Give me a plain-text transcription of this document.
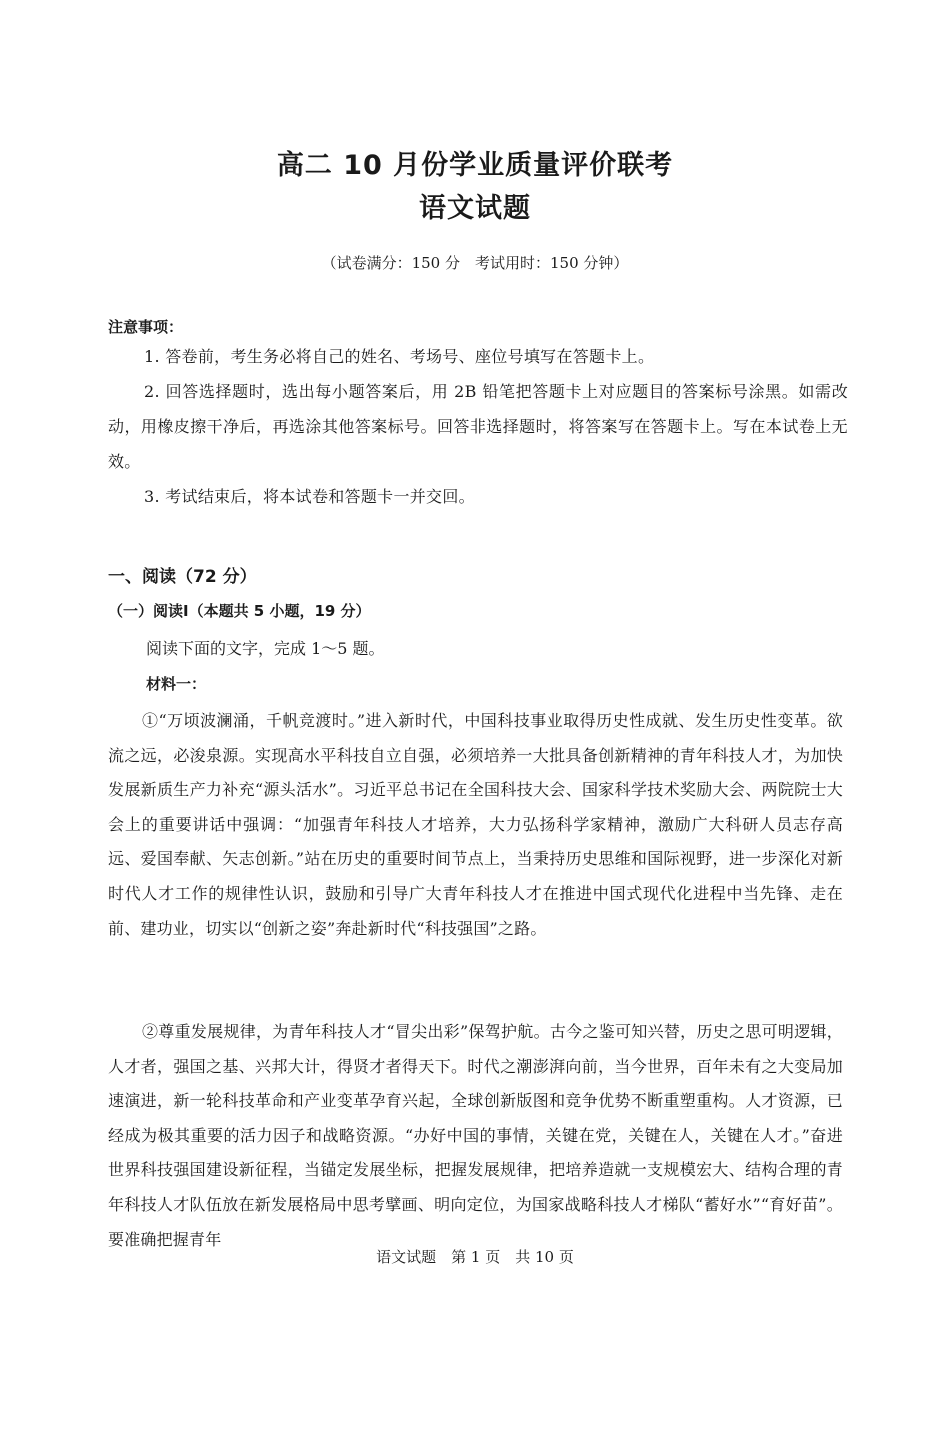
高二 10 月份学业质量评价联考
语文试题
（试卷满分：150 分　考试用时：150 分钟）
注意事项：
1. 答卷前，考生务必将自己的姓名、考场号、座位号填写在答题卡上。
2. 回答选择题时，选出每小题答案后，用 2B 铅笔把答题卡上对应题目的答案标号涂黑。如需改动，用橡皮擦干净后，再选涂其他答案标号。回答非选择题时，将答案写在答题卡上。写在本试卷上无效。
3. 考试结束后，将本试卷和答题卡一并交回。
一、阅读（72 分）
（一）阅读Ⅰ（本题共 5 小题，19 分）
阅读下面的文字，完成 1～5 题。
材料一：

①“万顷波澜涌，千帆竞渡时。”进入新时代，中国科技事业取得历史性成就、发生历史性变革。欲流之远，必浚泉源。实现高水平科技自立自强，必须培养一大批具备创新精神的青年科技人才，为加快发展新质生产力补充“源头活水”。习近平总书记在全国科技大会、国家科学技术奖励大会、两院院士大会上的重要讲话中强调：“加强青年科技人才培养，大力弘扬科学家精神，激励广大科研人员志存高远、爱国奉献、矢志创新。”站在历史的重要时间节点上，当秉持历史思维和国际视野，进一步深化对新时代人才工作的规律性认识，鼓励和引导广大青年科技人才在推进中国式现代化进程中当先锋、走在前、建功业，切实以“创新之姿”奔赴新时代“科技强国”之路。

②尊重发展规律，为青年科技人才“冒尖出彩”保驾护航。古今之鉴可知兴替，历史之思可明逻辑，人才者，强国之基、兴邦大计，得贤才者得天下。时代之潮澎湃向前，当今世界，百年未有之大变局加速演进，新一轮科技革命和产业变革孕育兴起，全球创新版图和竞争优势不断重塑重构。人才资源，已经成为极其重要的活力因子和战略资源。“办好中国的事情，关键在党，关键在人，关键在人才。”奋进世界科技强国建设新征程，当锚定发展坐标，把握发展规律，把培养造就一支规模宏大、结构合理的青年科技人才队伍放在新发展格局中思考擘画、明向定位，为国家战略科技人才梯队“蓄好水”“育好苗”。要准确把握青年

语文试题　第 1 页　共 10 页
